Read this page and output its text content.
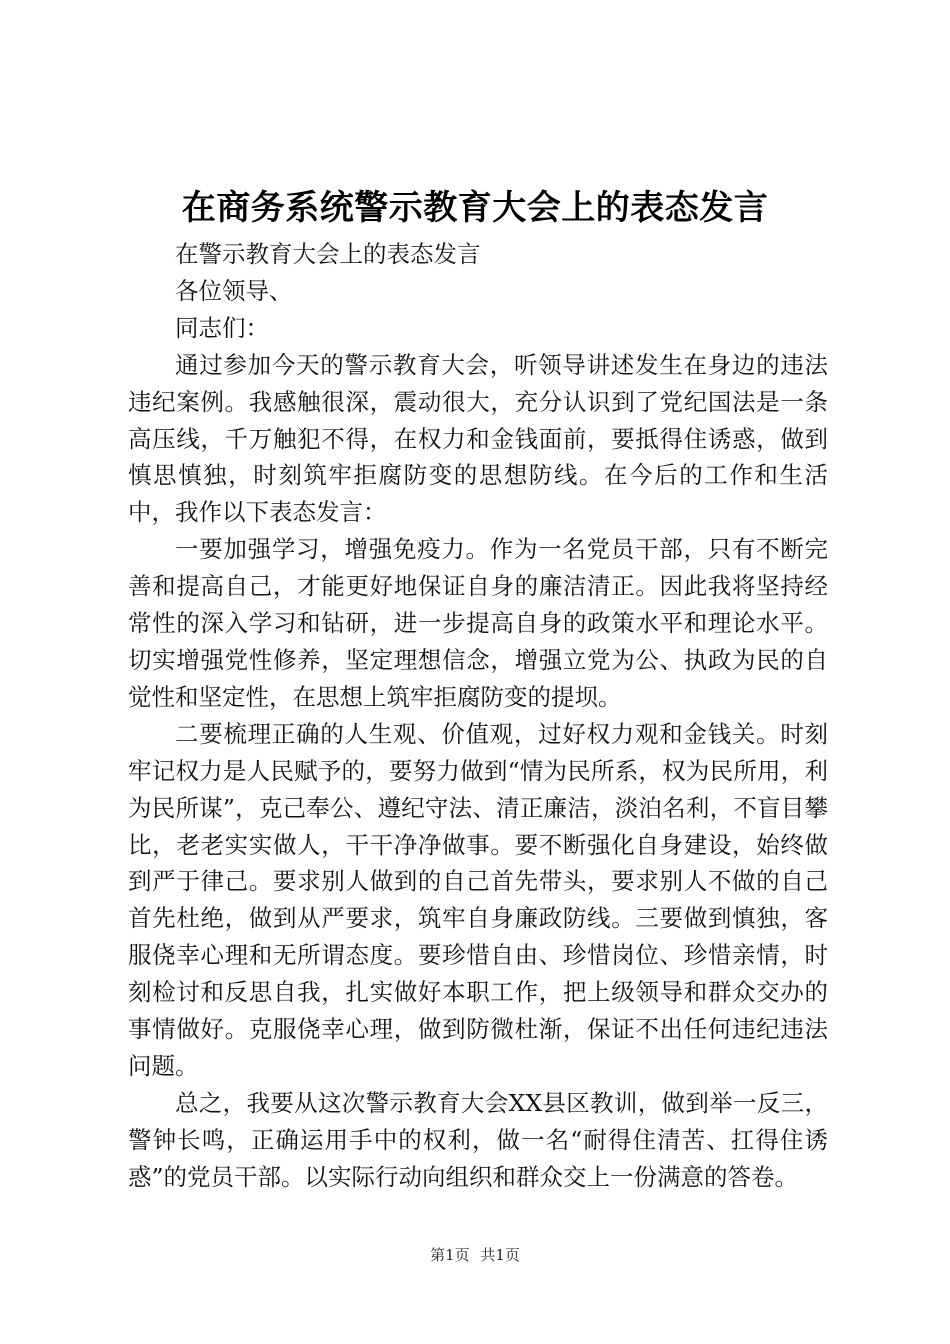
在商务系统警示教育大会上的表态发言

在警示教育大会上的表态发言

各位领导、

同志们：

通过参加今天的警示教育大会，听领导讲述发生在身边的违法违纪案例。我感触很深，震动很大，充分认识到了党纪国法是一条高压线，千万触犯不得，在权力和金钱面前，要抵得住诱惑，做到慎思慎独，时刻筑牢拒腐防变的思想防线。在今后的工作和生活中，我作以下表态发言：

一要加强学习，增强免疫力。作为一名党员干部，只有不断完善和提高自己，才能更好地保证自身的廉洁清正。因此我将坚持经常性的深入学习和钻研，进一步提高自身的政策水平和理论水平。切实增强党性修养，坚定理想信念，增强立党为公、执政为民的自觉性和坚定性，在思想上筑牢拒腐防变的提坝。

二要梳理正确的人生观、价值观，过好权力观和金钱关。时刻牢记权力是人民赋予的，要努力做到“情为民所系，权为民所用，利为民所谋”，克己奉公、遵纪守法、清正廉洁，淡泊名利，不盲目攀比，老老实实做人，干干净净做事。要不断强化自身建设，始终做到严于律己。要求别人做到的自己首先带头，要求别人不做的自己首先杜绝，做到从严要求，筑牢自身廉政防线。三要做到慎独，客服侥幸心理和无所谓态度。要珍惜自由、珍惜岗位、珍惜亲情，时刻检讨和反思自我，扎实做好本职工作，把上级领导和群众交办的事情做好。克服侥幸心理，做到防微杜渐，保证不出任何违纪违法问题。

总之，我要从这次警示教育大会XX县区教训，做到举一反三，警钟长鸣，正确运用手中的权利，做一名“耐得住清苦、扛得住诱惑”的党员干部。以实际行动向组织和群众交上一份满意的答卷。

第1页 共1页
